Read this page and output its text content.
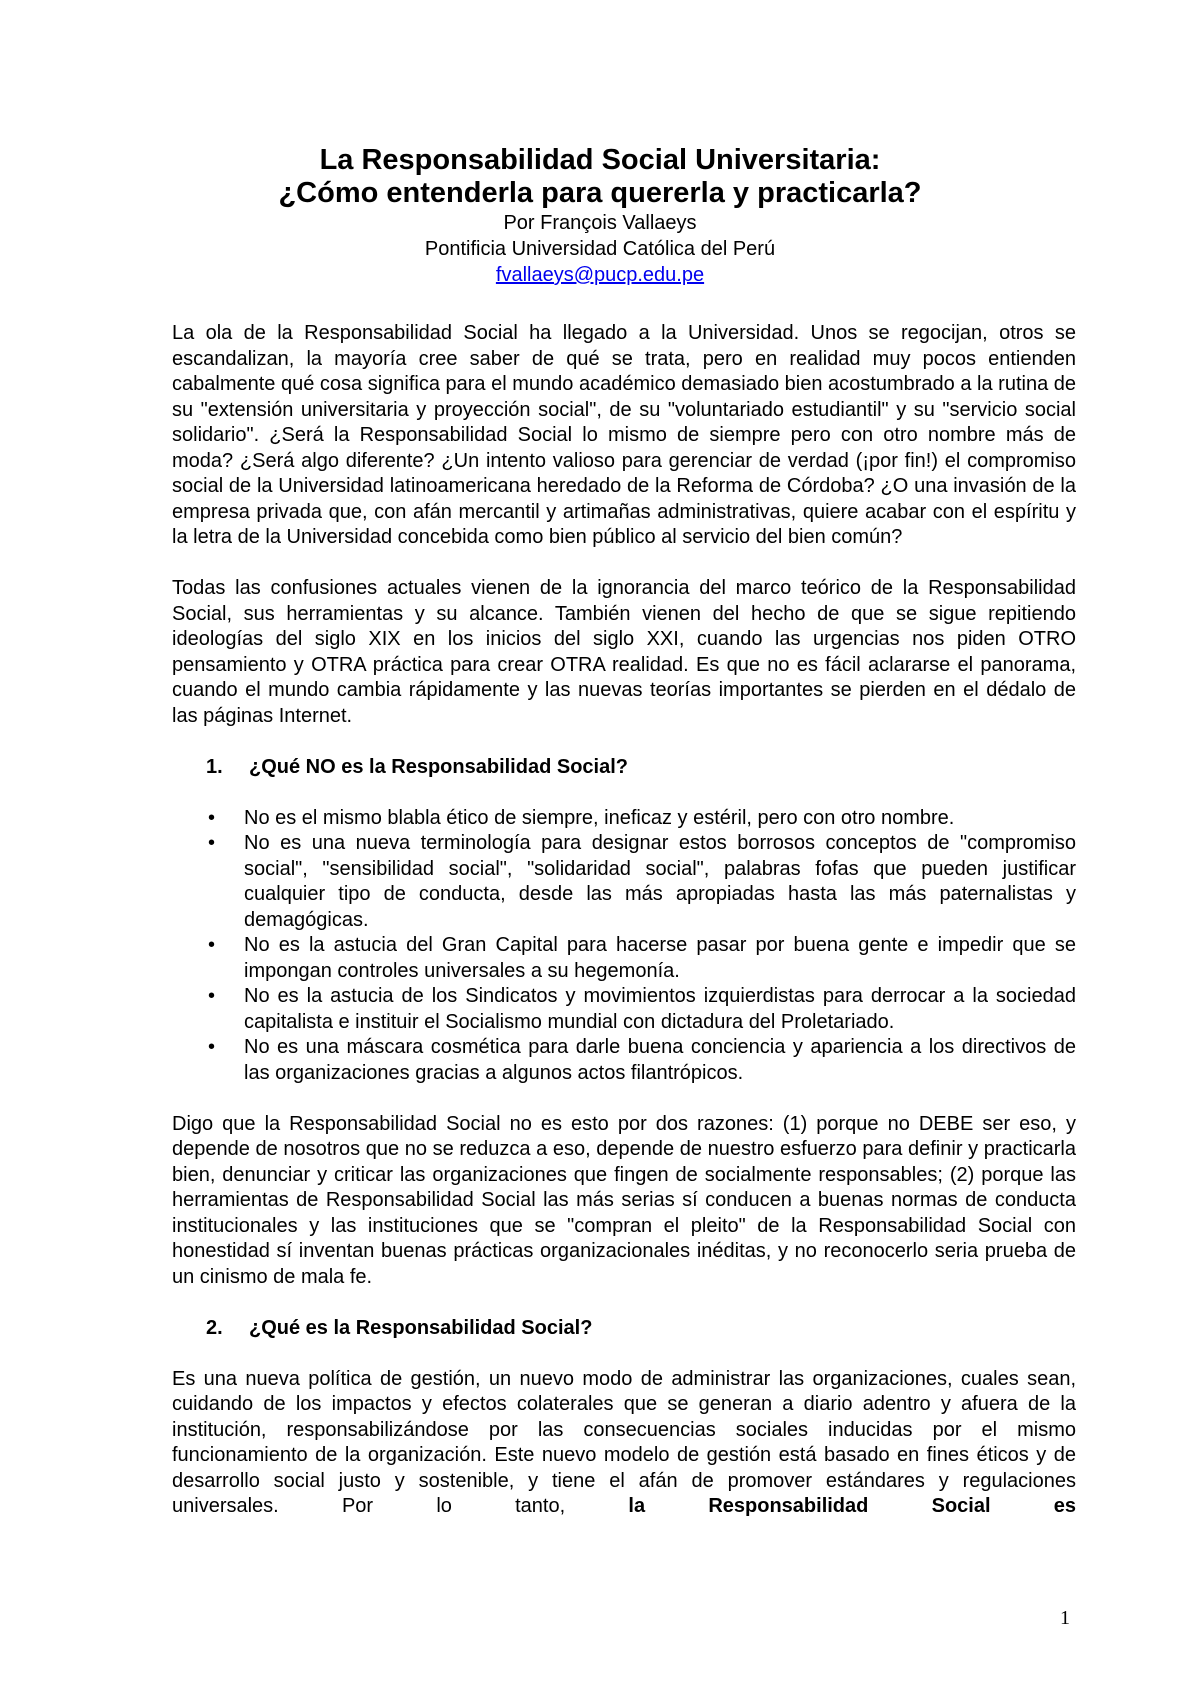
La Responsabilidad Social Universitaria:

¿Cómo entenderla para quererla y practicarla?

Por François Vallaeys

Pontificia Universidad Católica del Perú

fvallaeys@pucp.edu.pe

La ola de la Responsabilidad Social ha llegado a la Universidad. Unos se regocijan, otros se escandalizan, la mayoría cree saber de qué se trata, pero en realidad muy pocos entienden cabalmente qué cosa significa para el mundo académico demasiado bien acostumbrado a la rutina de su "extensión universitaria y proyección social", de su "voluntariado estudiantil" y su "servicio social solidario". ¿Será la Responsabilidad Social lo mismo de siempre pero con otro nombre más de moda? ¿Será algo diferente? ¿Un intento valioso para gerenciar de verdad (¡por fin!) el compromiso social de la Universidad latinoamericana heredado de la Reforma de Córdoba? ¿O una invasión de la empresa privada que, con afán mercantil y artimañas administrativas, quiere acabar con el espíritu y la letra de la Universidad concebida como bien público al servicio del bien común?

Todas las confusiones actuales vienen de la ignorancia del marco teórico de la Responsabilidad Social, sus herramientas y su alcance. También vienen del hecho de que se sigue repitiendo ideologías del siglo XIX en los inicios del siglo XXI, cuando las urgencias nos piden OTRO pensamiento y OTRA práctica para crear OTRA realidad. Es que no es fácil aclararse el panorama, cuando el mundo cambia rápidamente y las nuevas teorías importantes se pierden en el dédalo de las páginas Internet.

1.	¿Qué NO es la Responsabilidad Social?
•	No es el mismo blabla ético de siempre, ineficaz y estéril, pero con otro nombre.
•	No es una nueva terminología para designar estos borrosos conceptos de "compromiso social", "sensibilidad social", "solidaridad social", palabras fofas que pueden justificar cualquier tipo de conducta, desde las más apropiadas hasta las más paternalistas y demagógicas.
•	No es la astucia del Gran Capital para hacerse pasar por buena gente e impedir que se impongan controles universales a su hegemonía.
•	No es la astucia de los Sindicatos y movimientos izquierdistas para derrocar a la sociedad capitalista e instituir el Socialismo mundial con dictadura del Proletariado.
•	No es una máscara cosmética para darle buena conciencia y apariencia a los directivos de las organizaciones gracias a algunos actos filantrópicos.

Digo que la Responsabilidad Social no es esto por dos razones: (1) porque no DEBE ser eso, y depende de nosotros que no se reduzca a eso, depende de nuestro esfuerzo para definir y practicarla bien, denunciar y criticar las organizaciones que fingen de socialmente responsables; (2) porque las herramientas de Responsabilidad Social las más serias sí conducen a buenas normas de conducta institucionales y las instituciones que se "compran el pleito" de la Responsabilidad Social con honestidad sí inventan buenas prácticas organizacionales inéditas, y no reconocerlo seria prueba de un cinismo de mala fe.

2.	¿Qué es la Responsabilidad Social?

Es una nueva política de gestión, un nuevo modo de administrar las organizaciones, cuales sean, cuidando de los impactos y efectos colaterales que se generan a diario adentro y afuera de la institución, responsabilizándose por las consecuencias sociales inducidas por el mismo funcionamiento de la organización. Este nuevo modelo de gestión está basado en fines éticos y de desarrollo social justo y sostenible, y tiene el afán de promover estándares y regulaciones universales. Por lo tanto,	la Responsabilidad Social es

1
